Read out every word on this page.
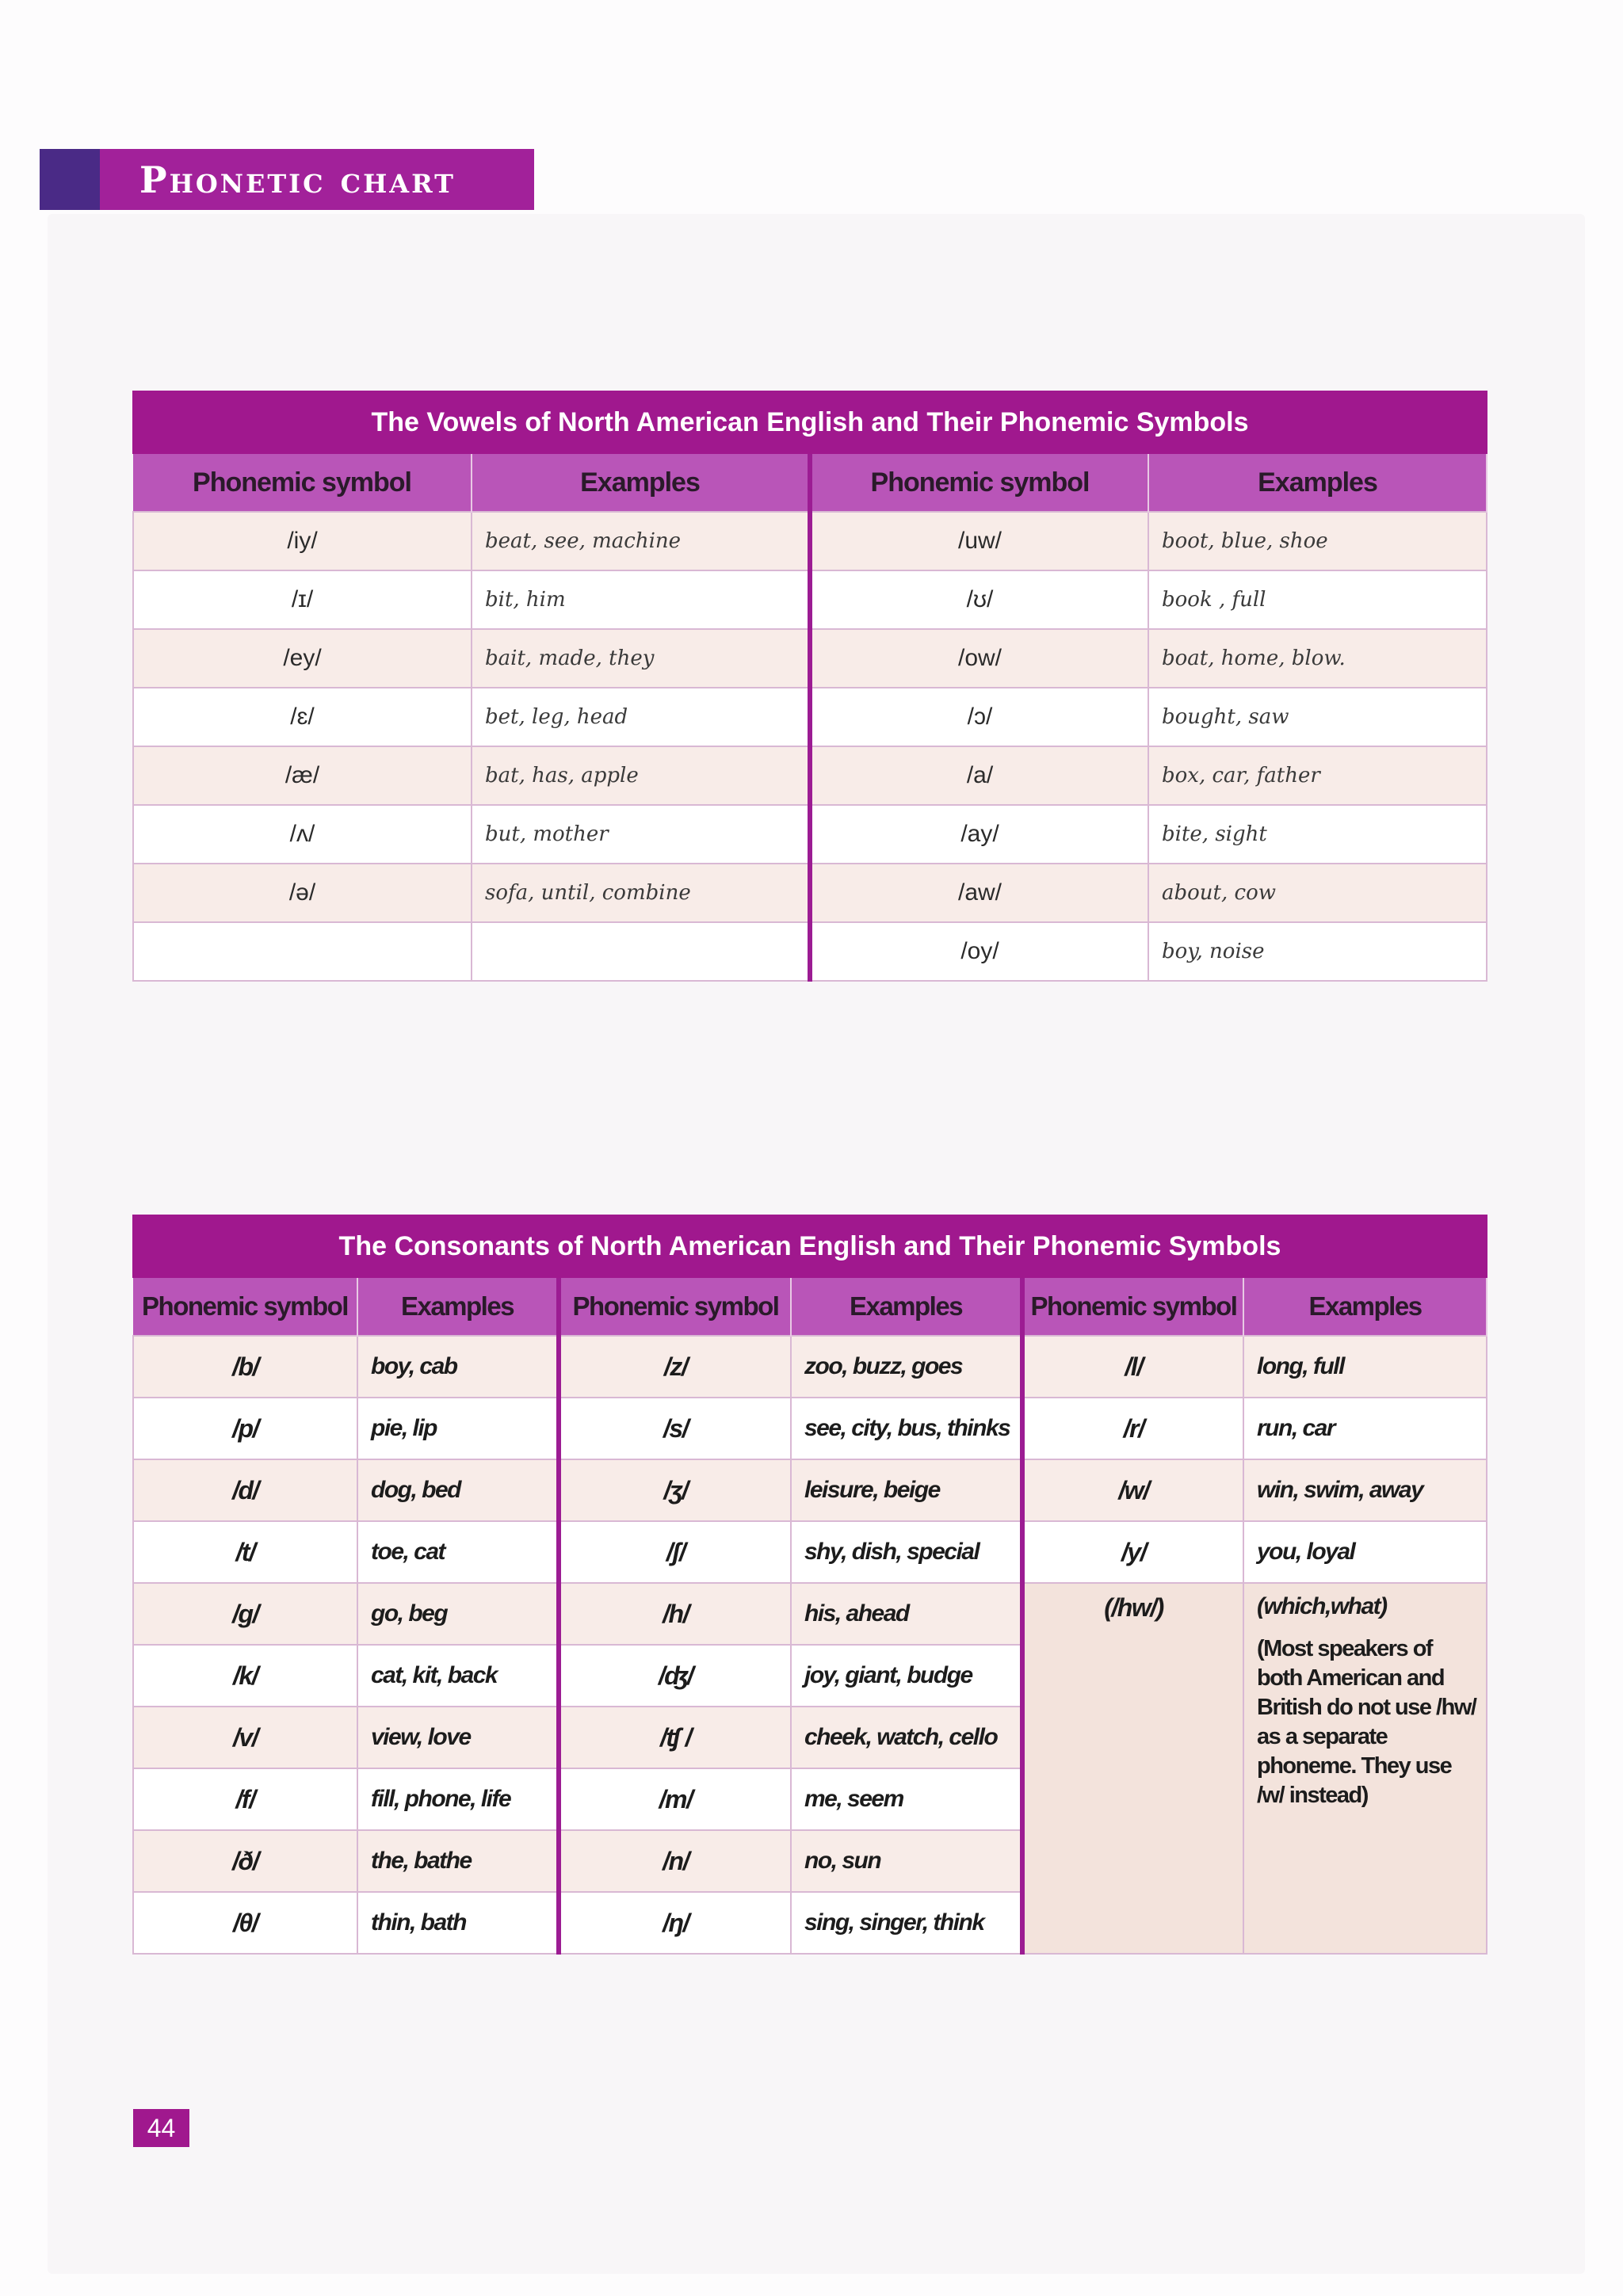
Phonetic chart
The Vowels of North American English and Their Phonemic Symbols
Phonemic symbol	Examples	Phonemic symbol	Examples
/iy/	beat, see, machine	/uw/	boot, blue, shoe
/ɪ/	bit, him	/ʊ/	book , full
/ey/	bait, made, they	/ow/	boat, home, blow.
/ɛ/	bet, leg, head	/ɔ/	bought, saw
/æ/	bat, has, apple	/a/	box, car, father
/ʌ/	but, mother	/ay/	bite, sight
/ə/	sofa, until, combine	/aw/	about, cow
		/oy/	boy, noise
The Consonants of North American English and Their Phonemic Symbols
Phonemic symbol	Examples	Phonemic symbol	Examples	Phonemic symbol	Examples
/b/	boy, cab	/z/	zoo, buzz, goes	/l/	long, full
/p/	pie, lip	/s/	see, city, bus, thinks	/r/	run, car
/d/	dog, bed	/ʒ/	leisure, beige	/w/	win, swim, away
/t/	toe, cat	/ʃ/	shy, dish, special	/y/	you, loyal
/g/	go, beg	/h/	his, ahead	(/hw/)	(which,what)
(Most speakers of both American and British do not use /hw/ as a separate phoneme. They use /w/ instead)

/k/	cat, kit, back	/ʤ/	joy, giant, budge		
/v/	view, love	/ʧ /	cheek, watch, cello		
/f/	fill, phone, life	/m/	me, seem		
/ð/	the, bathe	/n/	no, sun		
/θ/	thin, bath	/ŋ/	sing, singer, think		
44
